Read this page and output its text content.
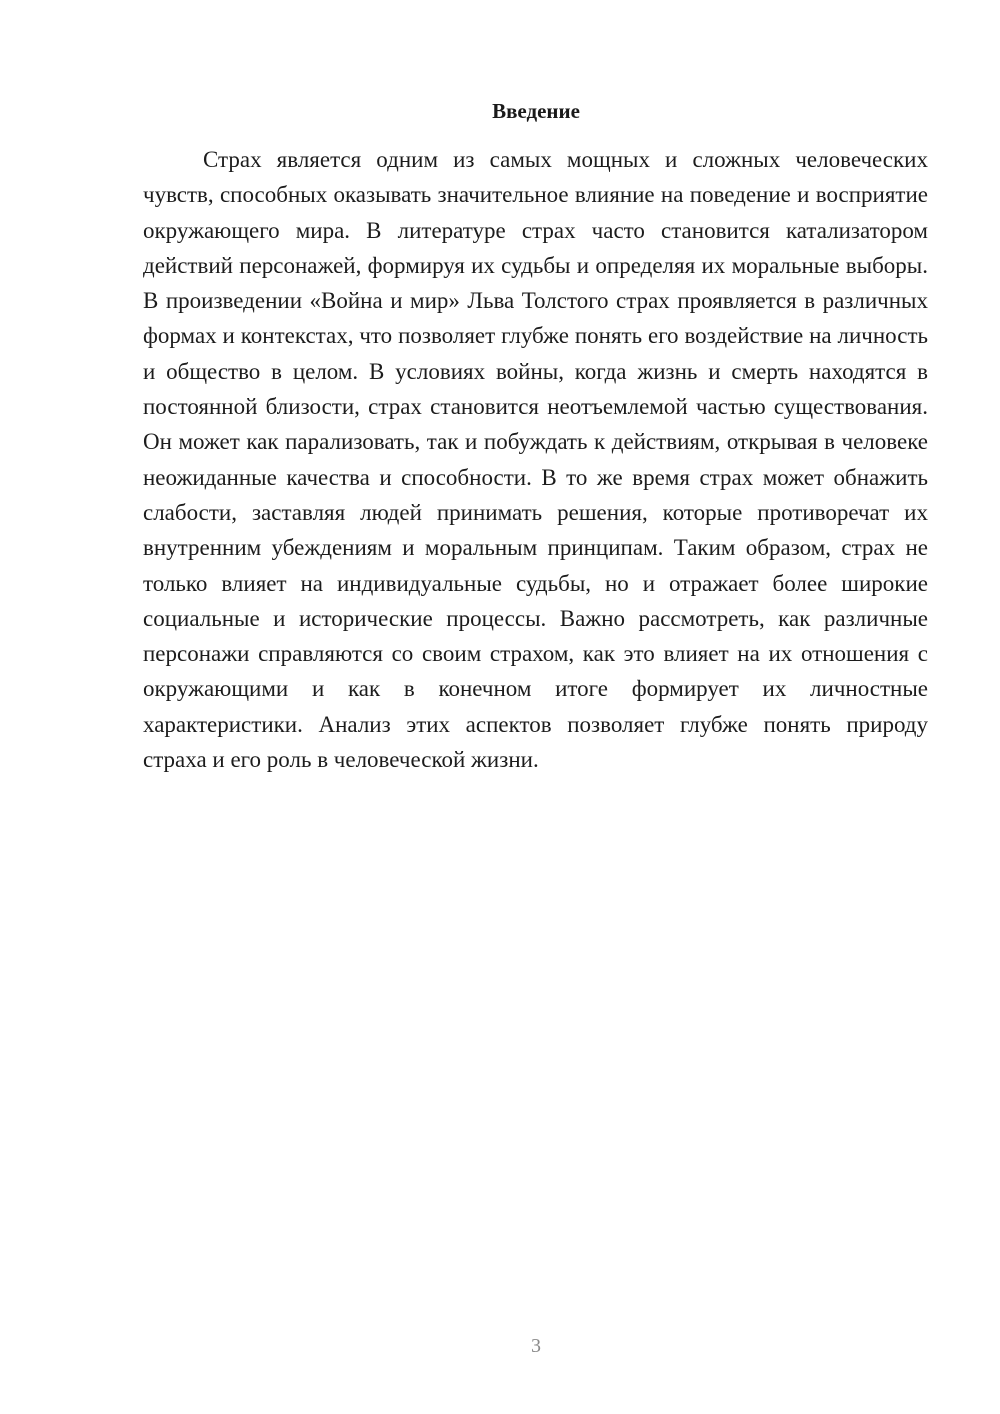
Введение

Страх является одним из самых мощных и сложных человеческих чувств, способных оказывать значительное влияние на поведение и восприятие окружающего мира. В литературе страх часто становится катализатором действий персонажей, формируя их судьбы и определяя их моральные выборы. В произведении «Война и мир» Льва Толстого страх проявляется в различных формах и контекстах, что позволяет глубже понять его воздействие на личность и общество в целом. В условиях войны, когда жизнь и смерть находятся в постоянной близости, страх становится неотъемлемой частью существования. Он может как парализовать, так и побуждать к действиям, открывая в человеке неожиданные качества и способности. В то же время страх может обнажить слабости, заставляя людей принимать решения, которые противоречат их внутренним убеждениям и моральным принципам. Таким образом, страх не только влияет на индивидуальные судьбы, но и отражает более широкие социальные и исторические процессы. Важно рассмотреть, как различные персонажи справляются со своим страхом, как это влияет на их отношения с окружающими и как в конечном итоге формирует их личностные характеристики. Анализ этих аспектов позволяет глубже понять природу страха и его роль в человеческой жизни.

3
